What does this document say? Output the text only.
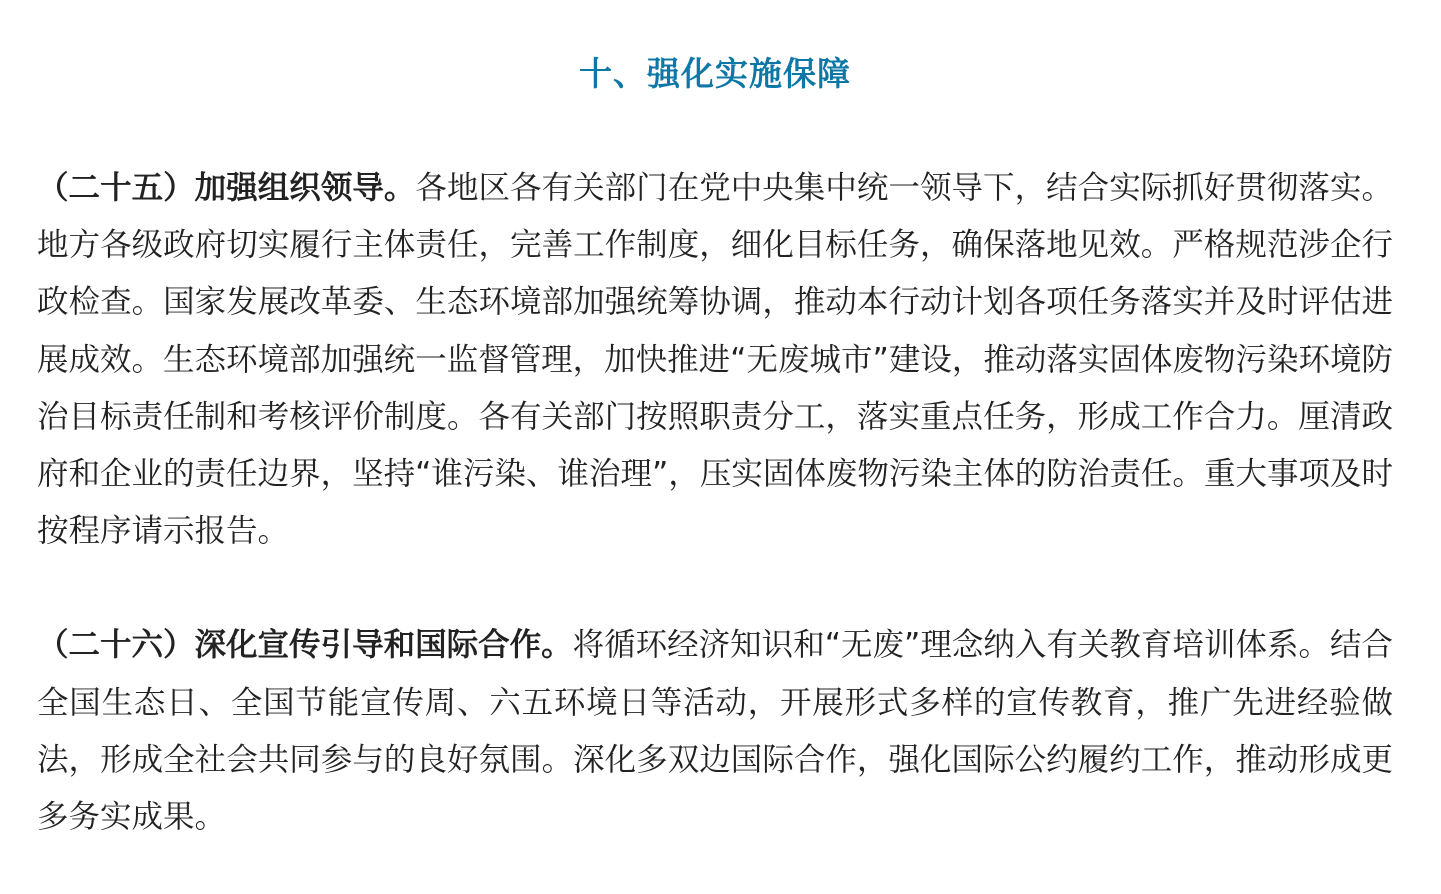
十、强化实施保障

（二十五）加强组织领导。各地区各有关部门在党中央集中统一领导下，结合实际抓好贯彻落实。地方各级政府切实履行主体责任，完善工作制度，细化目标任务，确保落地见效。严格规范涉企行政检查。国家发展改革委、生态环境部加强统筹协调，推动本行动计划各项任务落实并及时评估进展成效。生态环境部加强统一监督管理，加快推进“无废城市”建设，推动落实固体废物污染环境防治目标责任制和考核评价制度。各有关部门按照职责分工，落实重点任务，形成工作合力。厘清政府和企业的责任边界，坚持“谁污染、谁治理”，压实固体废物污染主体的防治责任。重大事项及时按程序请示报告。

（二十六）深化宣传引导和国际合作。将循环经济知识和“无废”理念纳入有关教育培训体系。结合全国生态日、全国节能宣传周、六五环境日等活动，开展形式多样的宣传教育，推广先进经验做法，形成全社会共同参与的良好氛围。深化多双边国际合作，强化国际公约履约工作，推动形成更多务实成果。
